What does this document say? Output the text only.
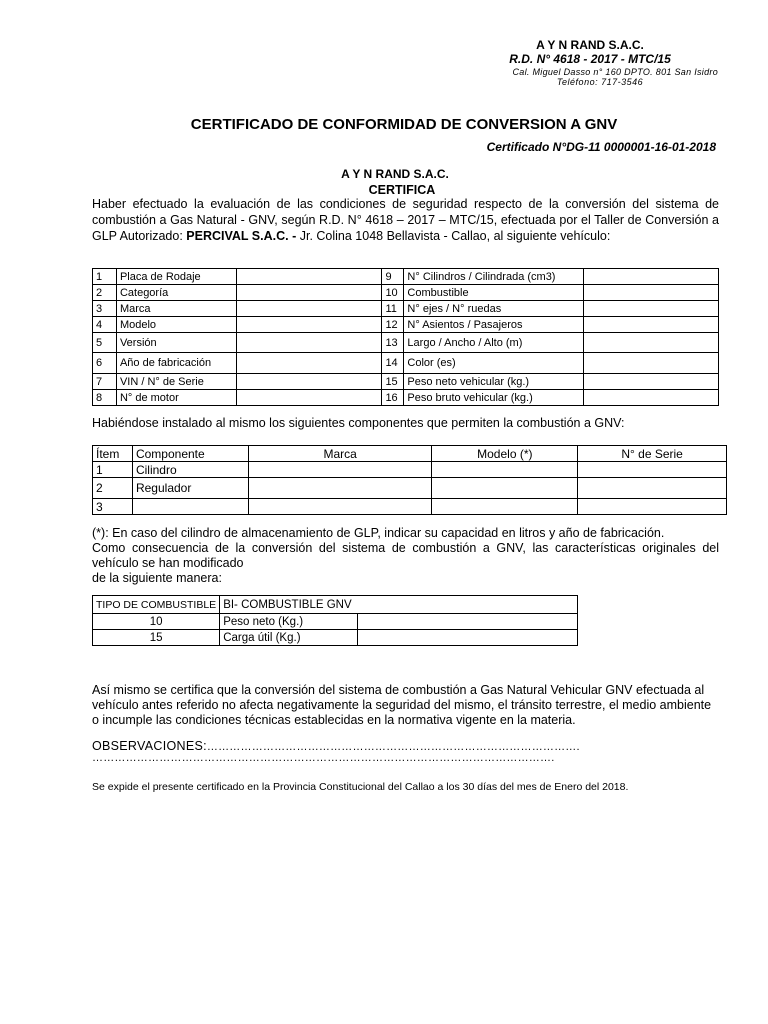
A Y N RAND S.A.C.
R.D. N° 4618 - 2017 - MTC/15
Cal. Miguel Dasso n° 160 DPTO. 801 San Isidro
Teléfono: 717-3546
CERTIFICADO DE CONFORMIDAD DE CONVERSION A GNV
Certificado N°DG-11 0000001-16-01-2018
A Y N RAND S.A.C.
CERTIFICA
Haber efectuado la evaluación de las condiciones de seguridad respecto de la conversión del sistema de combustión a Gas Natural - GNV, según R.D. N° 4618 – 2017 – MTC/15, efectuada por el Taller de Conversión a GLP Autorizado: PERCIVAL S.A.C. - Jr. Colina 1048 Bellavista - Callao, al siguiente vehículo:
1	Placa de Rodaje		9	N° Cilindros / Cilindrada (cm3)	
2	Categoría		10	Combustible	
3	Marca		11	N° ejes / N° ruedas	
4	Modelo		12	N° Asientos / Pasajeros	
5	Versión		13	Largo / Ancho / Alto (m)	
6	Año de fabricación		14	Color (es)	
7	VIN / N° de Serie		15	Peso neto vehicular (kg.)	
8	N° de motor		16	Peso bruto vehicular (kg.)	
Habiéndose instalado al mismo los siguientes componentes que permiten la combustión a GNV:
Ítem	Componente	Marca	Modelo (*)	N° de Serie
1	Cilindro			
2	Regulador			
3				
(*): En caso del cilindro de almacenamiento de GLP, indicar su capacidad en litros y año de fabricación.
Como consecuencia de la conversión del sistema de combustión a GNV, las características originales del vehículo se han modificado
de la siguiente manera:
TIPO DE COMBUSTIBLE	BI- COMBUSTIBLE GNV	
10	Peso neto (Kg.)	
15	Carga útil (Kg.)	
Así mismo se certifica que la conversión del sistema de combustión a Gas Natural Vehicular GNV efectuada al vehículo antes referido no afecta negativamente la seguridad del mismo, el tránsito terrestre, el medio ambiente o incumple las condiciones técnicas establecidas en la normativa vigente en la materia.
OBSERVACIONES:……………………………………………………………………………………….
…………………………………………………………………………………………………………….
Se expide el presente certificado en la Provincia Constitucional del Callao a los 30 días del mes de Enero del 2018.
